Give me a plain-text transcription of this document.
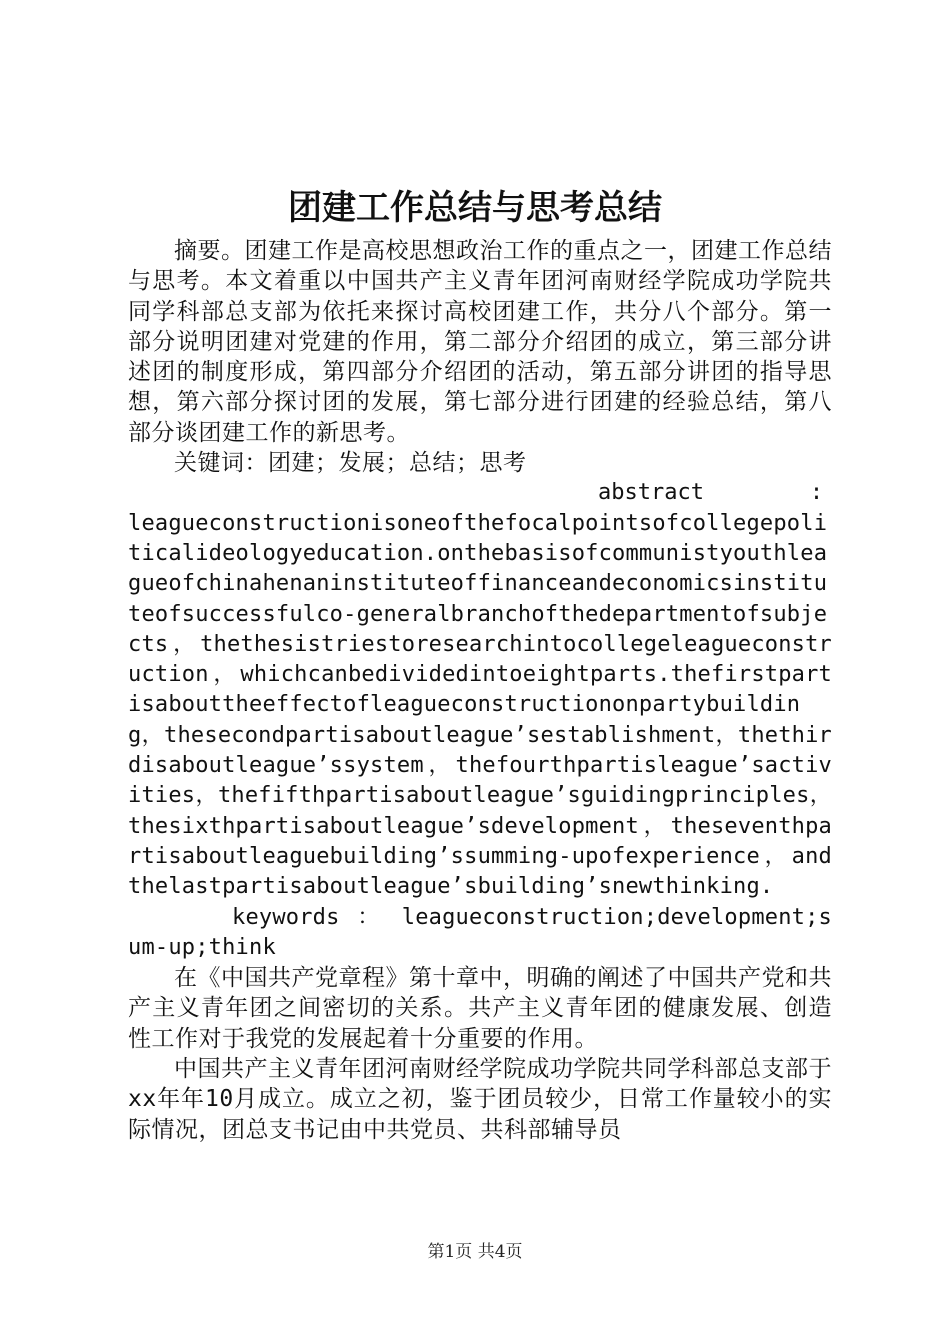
团建工作总结与思考总结

摘要。团建工作是高校思想政治工作的重点之一，团建工作总结与思考。本文着重以中国共产主义青年团河南财经学院成功学院共同学科部总支部为依托来探讨高校团建工作，共分八个部分。第一部分说明团建对党建的作用，第二部分介绍团的成立，第三部分讲述团的制度形成，第四部分介绍团的活动，第五部分讲团的指导思想，第六部分探讨团的发展，第七部分进行团建的经验总结，第八部分谈团建工作的新思考。

关键词：团建；发展；总结；思考

abstract        :

leagueconstructionisoneofthefocalpointsofcollegepoliticalideologyeducation.onthebasisofcommunistyouthleagueofchinahenaninstituteoffinanceandeconomicsinstituteofsuccessfulco-generalbranchofthedepartmentofsubjects，thethesistriestoresearchintocollegeleagueconstruction，whichcanbedividedintoeightparts.thefirstpartisabouttheeffectofleagueconstructiononpartybuilding，thesecondpartisaboutleague’sestablishment，thethirdisaboutleague’ssystem，thefourthpartisleague’sactivities，thefifthpartisaboutleague’sguidingprinciples，thesixthpartisaboutleague’sdevelopment，theseventhpartisaboutleaguebuilding’ssumming-upofexperience，andthelastpartisaboutleague’sbuilding’snewthinking.

keywords ： leagueconstruction;development;sum-up;think

在《中国共产党章程》第十章中，明确的阐述了中国共产党和共产主义青年团之间密切的关系。共产主义青年团的健康发展、创造性工作对于我党的发展起着十分重要的作用。

中国共产主义青年团河南财经学院成功学院共同学科部总支部于xx年年10月成立。成立之初，鉴于团员较少，日常工作量较小的实际情况，团总支书记由中共党员、共科部辅导员

第1页 共4页
